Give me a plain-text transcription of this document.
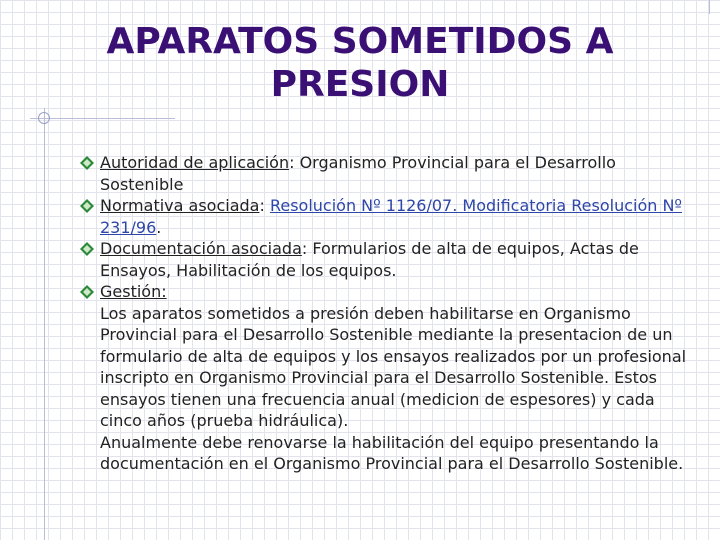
APARATOS SOMETIDOS A
PRESION
Autoridad de aplicación: Organismo Provincial para el Desarrollo Sostenible
Normativa asociada: Resolución Nº 1126/07. Modificatoria Resolución Nº 231/96.
Documentación asociada: Formularios de alta de equipos, Actas de Ensayos, Habilitación de los equipos.
Gestión:
Los aparatos sometidos a presión deben habilitarse en Organismo Provincial para el Desarrollo Sostenible mediante la presentacion de un formulario de alta de equipos y los ensayos realizados por un profesional inscripto en Organismo Provincial para el Desarrollo Sostenible. Estos ensayos tienen una frecuencia anual (medicion de espesores) y cada cinco años (prueba hidráulica).
Anualmente debe renovarse la habilitación del equipo presentando la documentación en el Organismo Provincial para el Desarrollo Sostenible.
